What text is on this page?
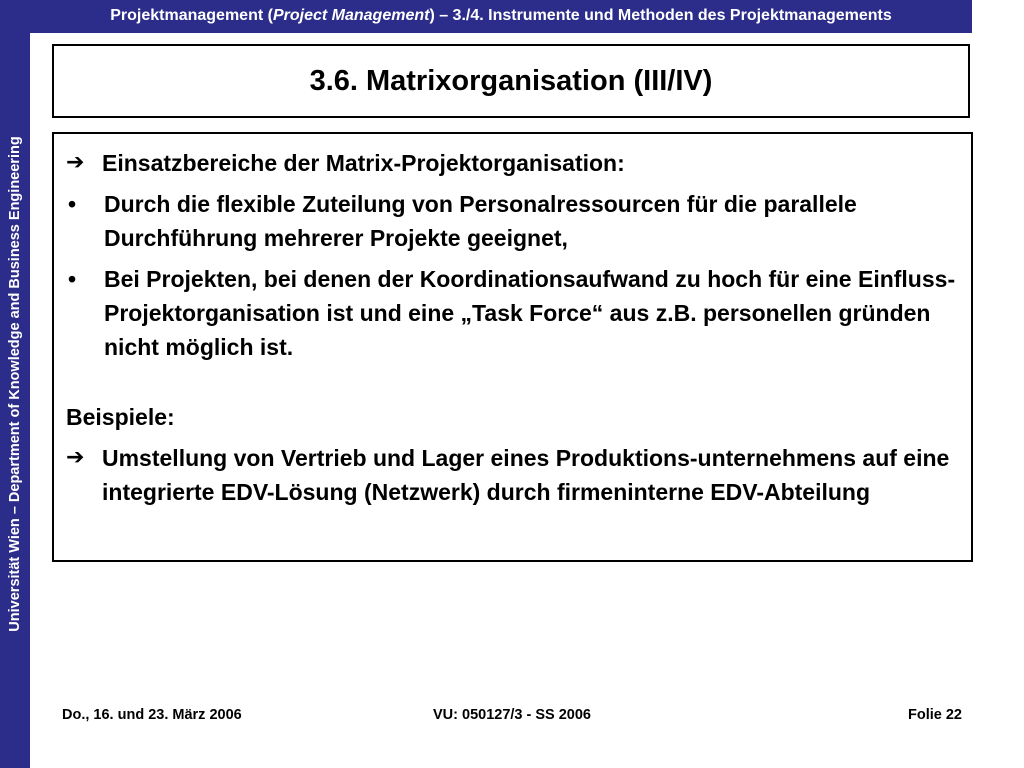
Universität Wien – Department of Knowledge and Business Engineering
Projektmanagement (Project Management) – 3./4. Instrumente und Methoden des Projektmanagements
3.6. Matrixorganisation (III/IV)
➔ Einsatzbereiche der Matrix-Projektorganisation:
•	Durch die flexible Zuteilung von Personalressourcen für die parallele Durchführung mehrerer Projekte geeignet,
•	Bei Projekten, bei denen der Koordinationsaufwand zu hoch für eine Einfluss-Projektorganisation ist und eine „Task Force“ aus z.B. personellen gründen nicht möglich ist.
Beispiele:
➔ Umstellung von Vertrieb und Lager eines Produktions-unternehmens auf eine integrierte EDV-Lösung (Netzwerk) durch firmeninterne EDV-Abteilung
Do., 16. und 23. März 2006	VU: 050127/3 - SS 2006	Folie 22
